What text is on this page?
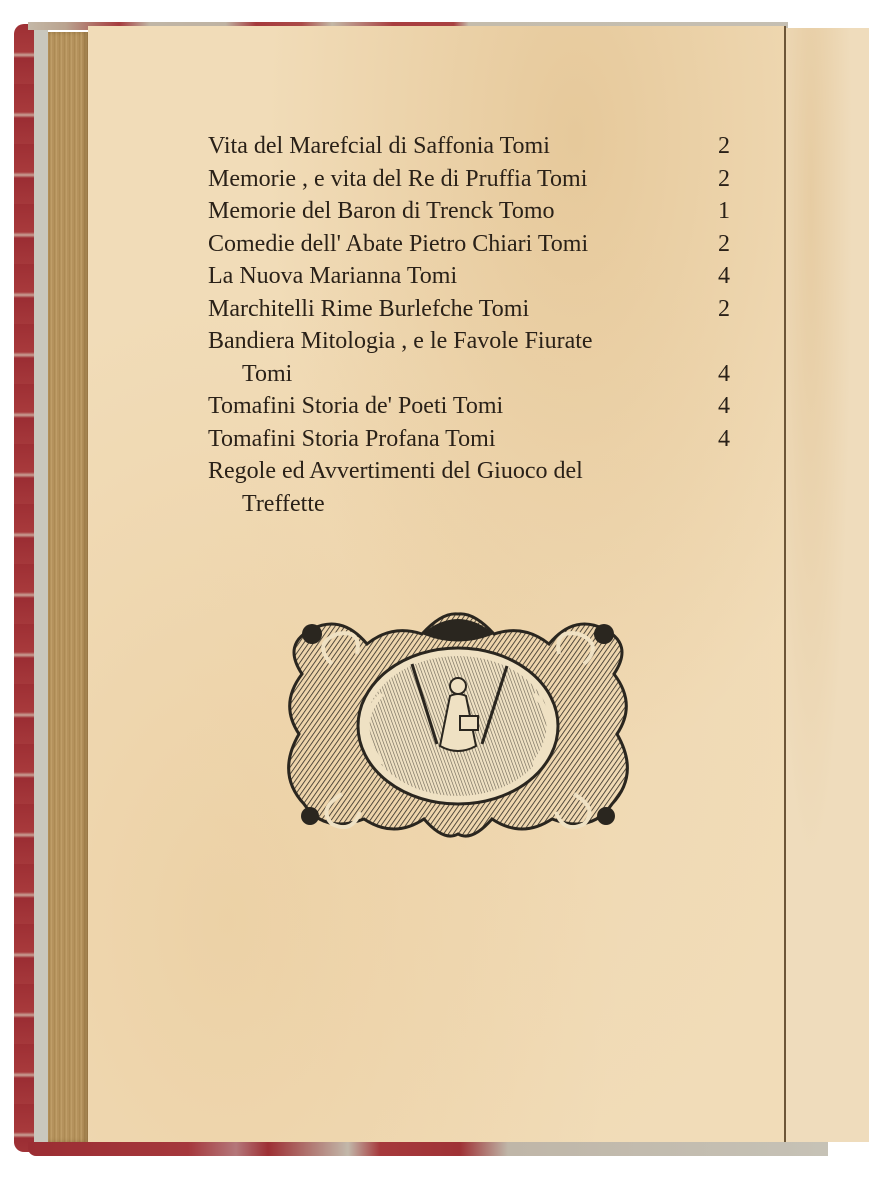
Vita del Marefcial di Saffonia Tomi	2
Memorie , e vita del Re di Pruffia Tomi	2
Memorie del Baron di Trenck Tomo	1
Comedie dell' Abate Pietro Chiari Tomi	2
La Nuova Marianna Tomi	4
Marchitelli Rime Burlefche Tomi	2
Bandiera Mitologia , e le Favole Fiurate
Tomi	4
Tomafini Storia de' Poeti Tomi	4
Tomafini Storia Profana Tomi	4
Regole ed Avvertimenti del Giuoco del
Treffette
